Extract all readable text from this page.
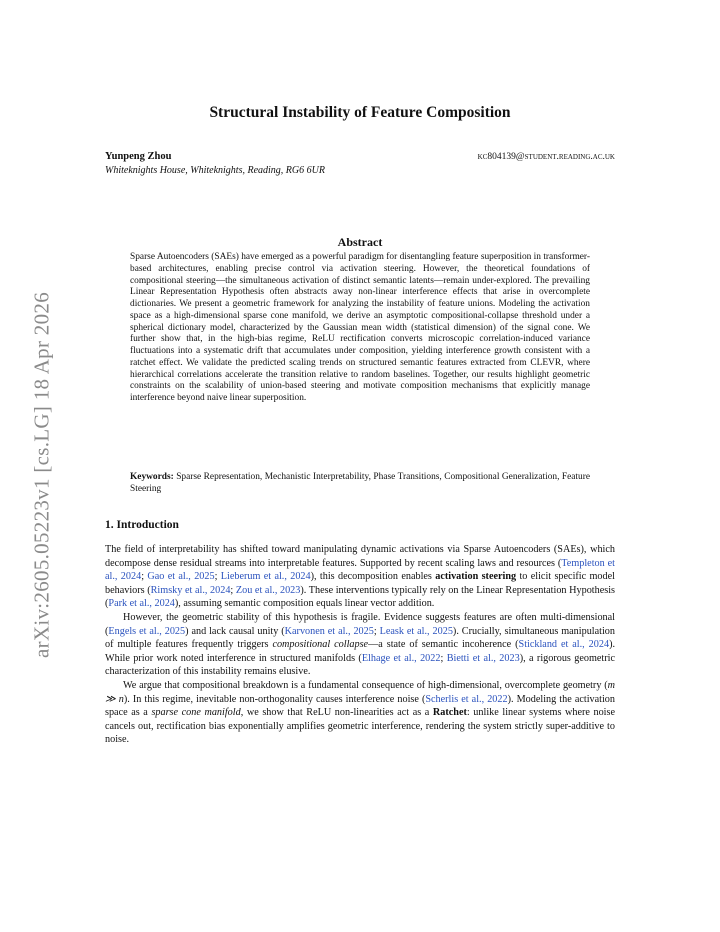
arXiv:2605.05223v1 [cs.LG] 18 Apr 2026
Structural Instability of Feature Composition
Yunpeng Zhou	kc804139@student.reading.ac.uk
Whiteknights House, Whiteknights, Reading, RG6 6UR
Abstract

Sparse Autoencoders (SAEs) have emerged as a powerful paradigm for disentangling feature superposition in transformer-based architectures, enabling precise control via activation steering. However, the theoretical foundations of compositional steering—the simultaneous activation of distinct semantic latents—remain under-explored. The prevailing Linear Representation Hypothesis often abstracts away non-linear interference effects that arise in overcomplete dictionaries. We present a geometric framework for analyzing the instability of feature unions. Modeling the activation space as a high-dimensional sparse cone manifold, we derive an asymptotic compositional-collapse threshold under a spherical dictionary model, characterized by the Gaussian mean width (statistical dimension) of the signal cone. We further show that, in the high-bias regime, ReLU rectification converts microscopic correlation-induced variance fluctuations into a systematic drift that accumulates under composition, yielding interference growth consistent with a ratchet effect. We validate the predicted scaling trends on structured semantic features extracted from CLEVR, where hierarchical correlations accelerate the transition relative to random baselines. Together, our results highlight geometric constraints on the scalability of union-based steering and motivate composition mechanisms that explicitly manage interference beyond naive linear superposition.

Keywords: Sparse Representation, Mechanistic Interpretability, Phase Transitions, Compositional Generalization, Feature Steering

1. Introduction

The field of interpretability has shifted toward manipulating dynamic activations via Sparse Autoencoders (SAEs), which decompose dense residual streams into interpretable features. Supported by recent scaling laws and resources (Templeton et al., 2024; Gao et al., 2025; Lieberum et al., 2024), this decomposition enables activation steering to elicit specific model behaviors (Rimsky et al., 2024; Zou et al., 2023). These interventions typically rely on the Linear Representation Hypothesis (Park et al., 2024), assuming semantic composition equals linear vector addition.

However, the geometric stability of this hypothesis is fragile. Evidence suggests features are often multi-dimensional (Engels et al., 2025) and lack causal unity (Karvonen et al., 2025; Leask et al., 2025). Crucially, simultaneous manipulation of multiple features frequently triggers compositional collapse—a state of semantic incoherence (Stickland et al., 2024). While prior work noted interference in structured manifolds (Elhage et al., 2022; Bietti et al., 2023), a rigorous geometric characterization of this instability remains elusive.

We argue that compositional breakdown is a fundamental consequence of high-dimensional, overcomplete geometry (m ≫ n). In this regime, inevitable non-orthogonality causes interference noise (Scherlis et al., 2022). Modeling the activation space as a sparse cone manifold, we show that ReLU non-linearities act as a Ratchet: unlike linear systems where noise cancels out, rectification bias exponentially amplifies geometric interference, rendering the system strictly super-additive to noise.
